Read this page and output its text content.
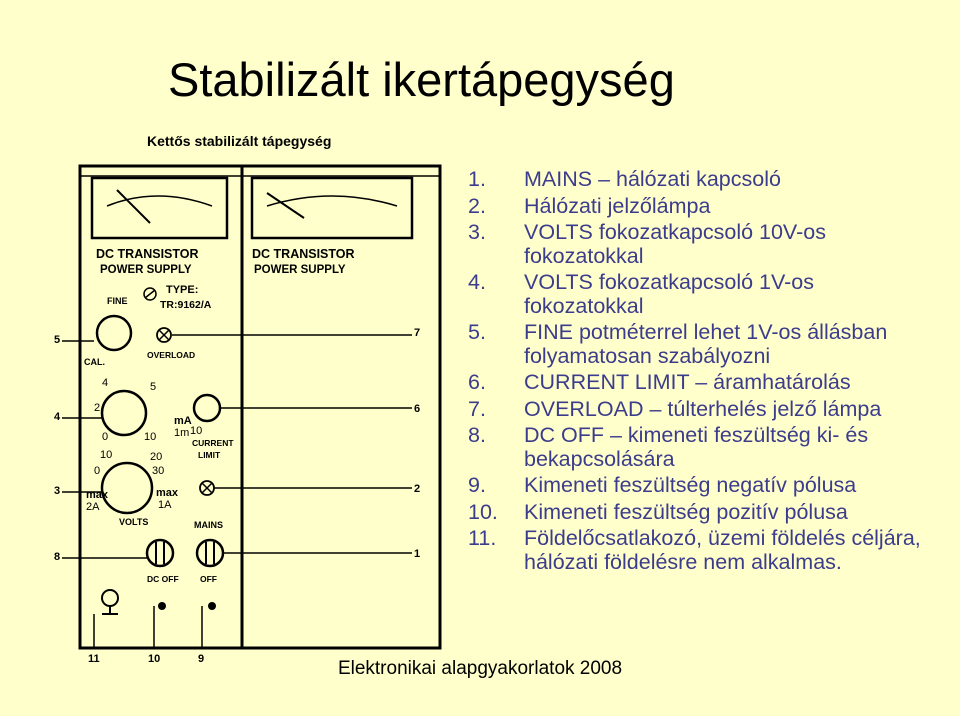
Stabilizált ikertápegység
Kettős stabilizált tápegység
DC TRANSISTOR
POWER SUPPLY
DC TRANSISTOR
POWER SUPPLY
TYPE:
TR:9162/A
FINE
CAL.
OVERLOAD
4	5
2
0	10
mA
1m 10
CURRENT
LIMIT
10	20
0	30
max
2A
max
1A
VOLTS	MAINS
DC OFF	OFF
5
4
3
8
7
6
2
1
11	10	9
1.	MAINS – hálózati kapcsoló
2.	Hálózati jelzőlámpa
3.	VOLTS fokozatkapcsoló 10V-os fokozatokkal
4.	VOLTS fokozatkapcsoló 1V-os fokozatokkal
5.	FINE potméterrel lehet 1V-os állásban folyamatosan szabályozni
6.	CURRENT LIMIT – áramhatárolás
7.	OVERLOAD – túlterhelés jelző lámpa
8.	DC OFF – kimeneti feszültség ki- és bekapcsolására
9.	Kimeneti feszültség negatív pólusa
10.	Kimeneti feszültség pozitív pólusa
11.	Földelőcsatlakozó, üzemi földelés céljára, hálózati földelésre nem alkalmas.
Elektronikai alapgyakorlatok 2008
